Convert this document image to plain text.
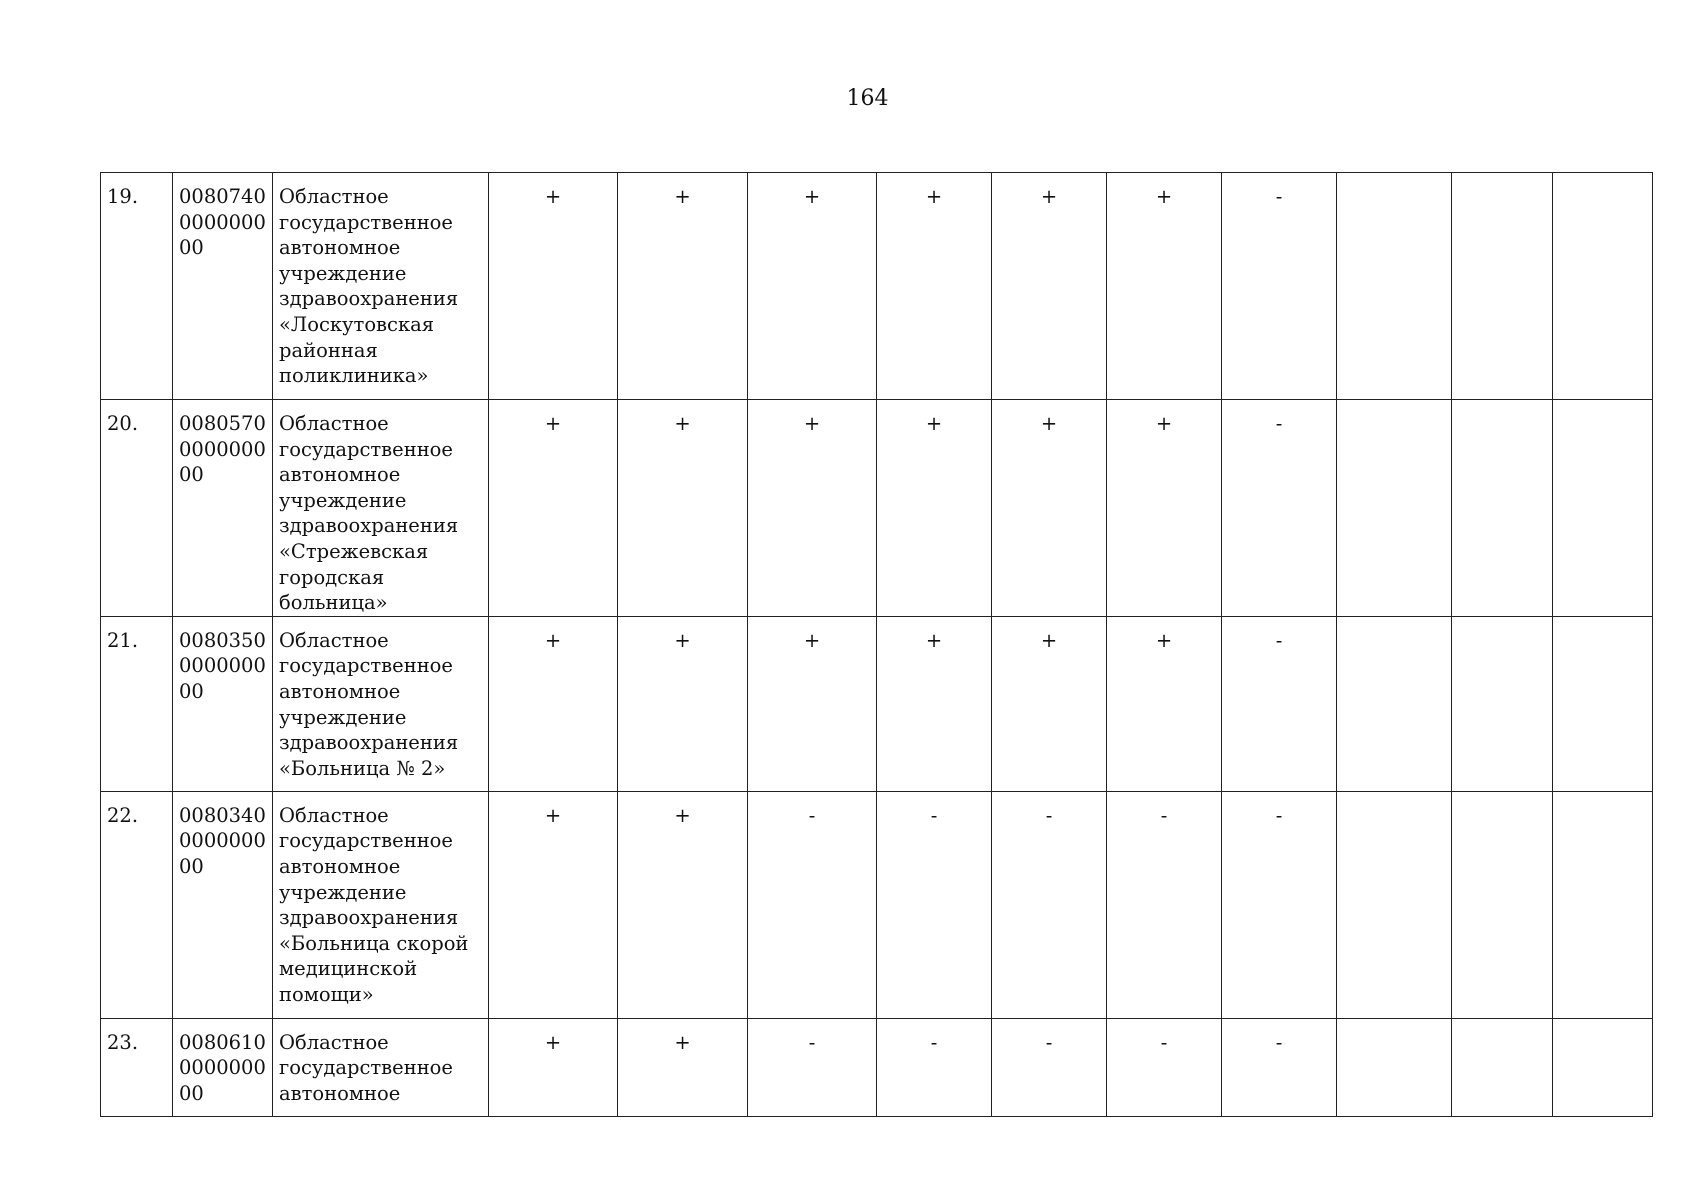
164
19.	0080740000000000	Областное государственное автономное учреждение здравоохранения «Лоскутовская районная поликлиника»	+	+	+	+	+	+	-			
20.	0080570000000000	Областное государственное автономное учреждение здравоохранения «Стрежевская городская больница»	+	+	+	+	+	+	-			
21.	0080350000000000	Областное государственное автономное учреждение здравоохранения «Больница № 2»	+	+	+	+	+	+	-			
22.	0080340000000000	Областное государственное автономное учреждение здравоохранения «Больница скорой медицинской помощи»	+	+	-	-	-	-	-			
23.	0080610000000000	Областное государственное автономное	+	+	-	-	-	-	-			
